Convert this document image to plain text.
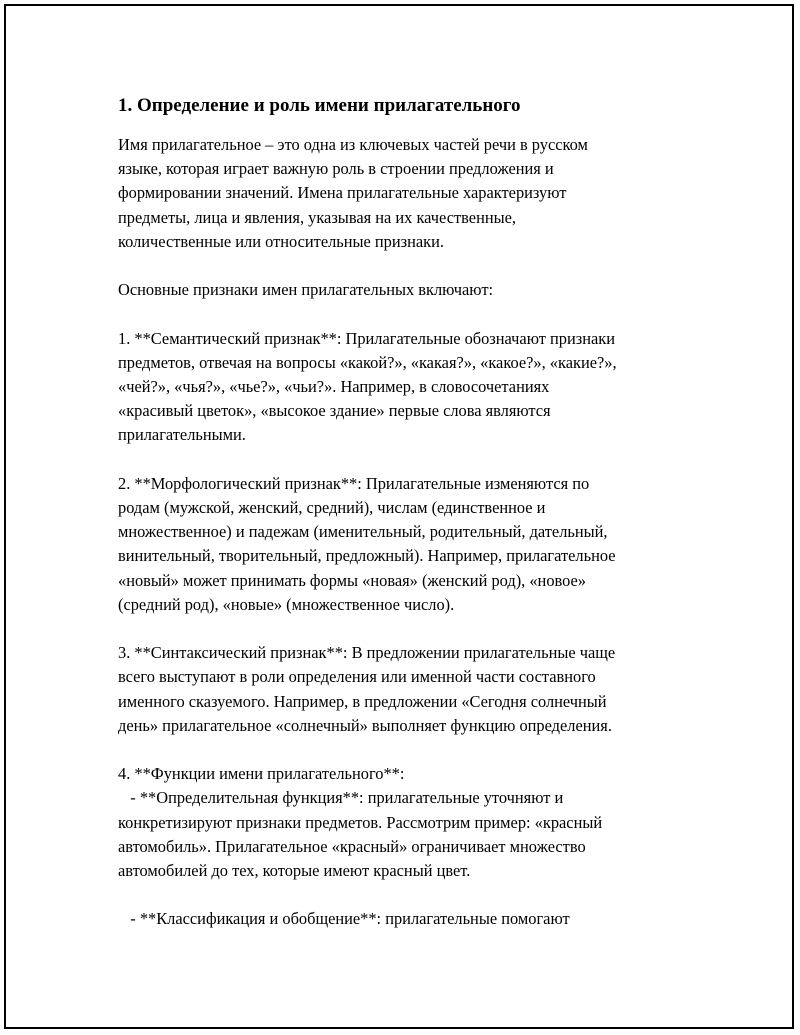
1. Определение и роль имени прилагательного
Имя прилагательное – это одна из ключевых частей речи в русском
языке, которая играет важную роль в строении предложения и
формировании значений. Имена прилагательные характеризуют
предметы, лица и явления, указывая на их качественные,
количественные или относительные признаки.
Основные признаки имен прилагательных включают:
1. **Семантический признак**: Прилагательные обозначают признаки
предметов, отвечая на вопросы «какой?», «какая?», «какое?», «какие?»,
«чей?», «чья?», «чье?», «чьи?». Например, в словосочетаниях
«красивый цветок», «высокое здание» первые слова являются
прилагательными.
2. **Морфологический признак**: Прилагательные изменяются по
родам (мужской, женский, средний), числам (единственное и
множественное) и падежам (именительный, родительный, дательный,
винительный, творительный, предложный). Например, прилагательное
«новый» может принимать формы «новая» (женский род), «новое»
(средний род), «новые» (множественное число).
3. **Синтаксический признак**: В предложении прилагательные чаще
всего выступают в роли определения или именной части составного
именного сказуемого. Например, в предложении «Сегодня солнечный
день» прилагательное «солнечный» выполняет функцию определения.
4. **Функции имени прилагательного**:
- **Определительная функция**: прилагательные уточняют и
конкретизируют признаки предметов. Рассмотрим пример: «красный
автомобиль». Прилагательное «красный» ограничивает множество
автомобилей до тех, которые имеют красный цвет.
- **Классификация и обобщение**: прилагательные помогают
